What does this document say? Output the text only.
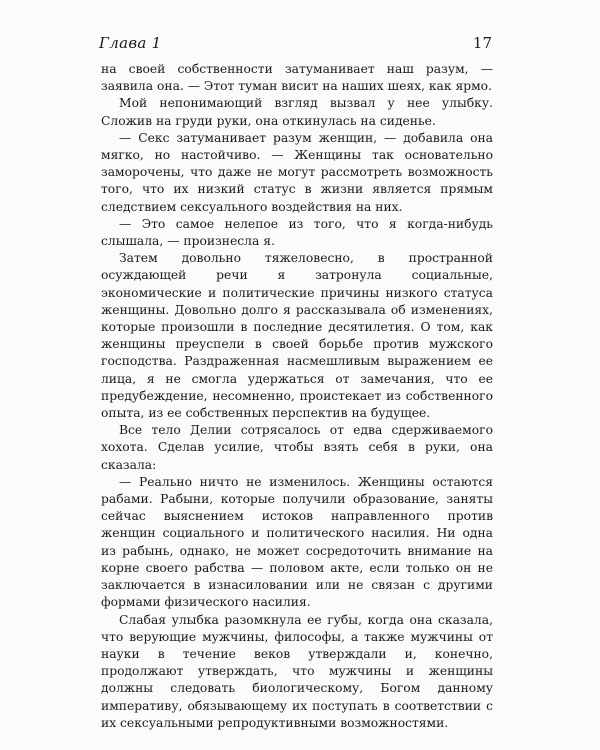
Глава 1	17

на своей собственности затуманивает наш разум, — заявила она. — Этот туман висит на наших шеях, как ярмо.

Мой непонимающий взгляд вызвал у нее улыбку. Сложив на груди руки, она откинулась на сиденье.

— Секс затуманивает разум женщин, — добавила она мягко, но настойчиво. — Женщины так основательно заморочены, что даже не могут рассмотреть возможность того, что их низкий статус в жизни является прямым следствием сексуального воздействия на них.

— Это самое нелепое из того, что я когда-нибудь слышала, — произнесла я.

Затем довольно тяжеловесно, в пространной осуждающей речи я затронула социальные, экономические и политические причины низкого статуса женщины. Довольно долго я рассказывала об изменениях, которые произошли в последние десятилетия. О том, как женщины преуспели в своей борьбе против мужского господства. Раздраженная насмешливым выражением ее лица, я не смогла удержаться от замечания, что ее предубеждение, несомненно, проистекает из собственного опыта, из ее собственных перспектив на будущее.

Все тело Делии сотрясалось от едва сдерживаемого хохота. Сделав усилие, чтобы взять себя в руки, она сказала:

— Реально ничто не изменилось. Женщины остаются рабами. Рабыни, которые получили образование, заняты сейчас выяснением истоков направленного против женщин социального и политического насилия. Ни одна из рабынь, однако, не может сосредоточить внимание на корне своего рабства — половом акте, если только он не заключается в изнасиловании или не связан с другими формами физического насилия.

Слабая улыбка разомкнула ее губы, когда она сказала, что верующие мужчины, философы, а также мужчины от науки в течение веков утверждали и, конечно, продолжают утверждать, что мужчины и женщины должны следовать биологическому, Богом данному императиву, обязывающему их поступать в соответствии с их сексуальными репродуктивными возможностями.
